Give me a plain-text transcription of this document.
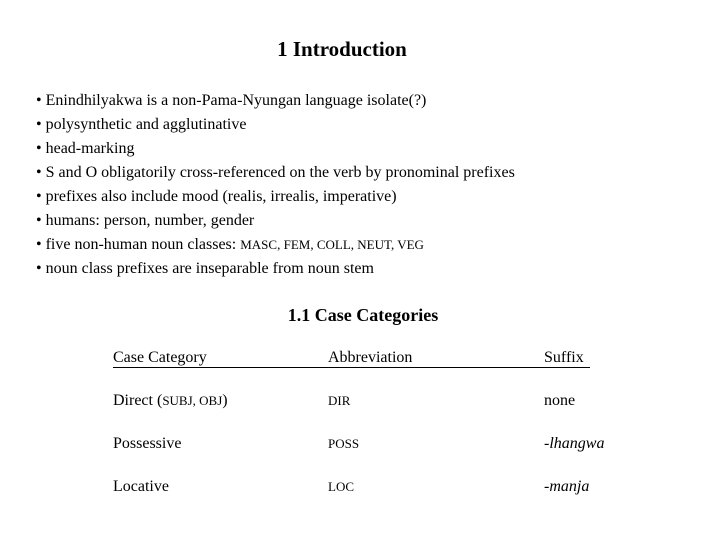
1 Introduction
• Enindhilyakwa is a non-Pama-Nyungan language isolate(?)
• polysynthetic and agglutinative
• head-marking
• S and O obligatorily cross-referenced on the verb by pronominal prefixes
• prefixes also include mood (realis, irrealis, imperative)
• humans: person, number, gender
• five non-human noun classes: MASC, FEM, COLL, NEUT, VEG
• noun class prefixes are inseparable from noun stem
1.1 Case Categories
Case Category	Abbreviation	Suffix
Direct (SUBJ, OBJ)	DIR	none
Possessive	POSS	-lhangwa
Locative	LOC	-manja
